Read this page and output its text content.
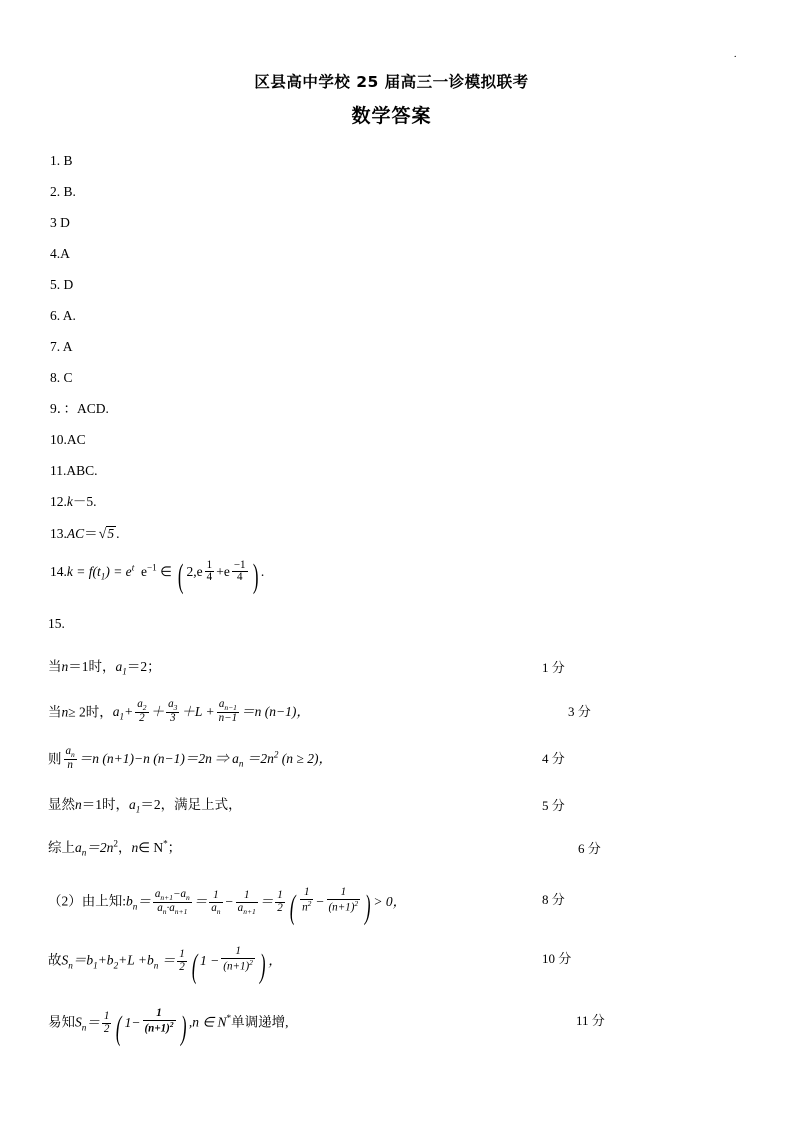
·
区县高中学校 25 届高三一诊模拟联考
数学答案
1. B
2. B.
3 D
4.A
5. D
6. A.
7. A
8. C
9．：ACD.
10.AC
11.ABC.
12.k－5.
13.AC＝√5 .
$14.k = f(t_1) = e^t$ $e^{-1}$ ∈ ( $2,e \frac{1}{4} +e \frac{-1}{4}$ ) .
15.
当n＝1时，$a_1=2$；	1 分
当n≥ 2时，$a_1+ \frac{a_2}{2} + \frac{a_3}{3} +L + \frac{a_{n-1}}{n-1} =n$ (n−1)，	3 分
则 $\frac{a_n}{n} =n$ (n+1)−n (n−1)＝2n ⇒ $a_n =2n^2$ (n ≥ 2)，	4 分
显然n＝1时，$a_1=2$，满足上式，	5 分
综上$a_n=2n^2$，n∈ N*；	6 分
（2）由上知$:b_n= \frac{a_{n+1}-a_n}{a_n\cdot a_{n+1}} = \frac{1}{a_n} - \frac{1}{a_{n+1}} = \frac{1}{2}$ ( $\frac{1}{n^2} - \frac{1}{(n+1)^2}$ ) > 0，	8 分
故$S_n=b_1+b_2+L +b_n = \frac{1}{2}$ ( $1 - \frac{1}{(n+1)^2}$ ) ，	10 分
易知$S_n= \frac{1}{2}$ ( $1- \frac{1}{(n+1)^2}$ ) ,n ∈ N*单调递增,	11 分
